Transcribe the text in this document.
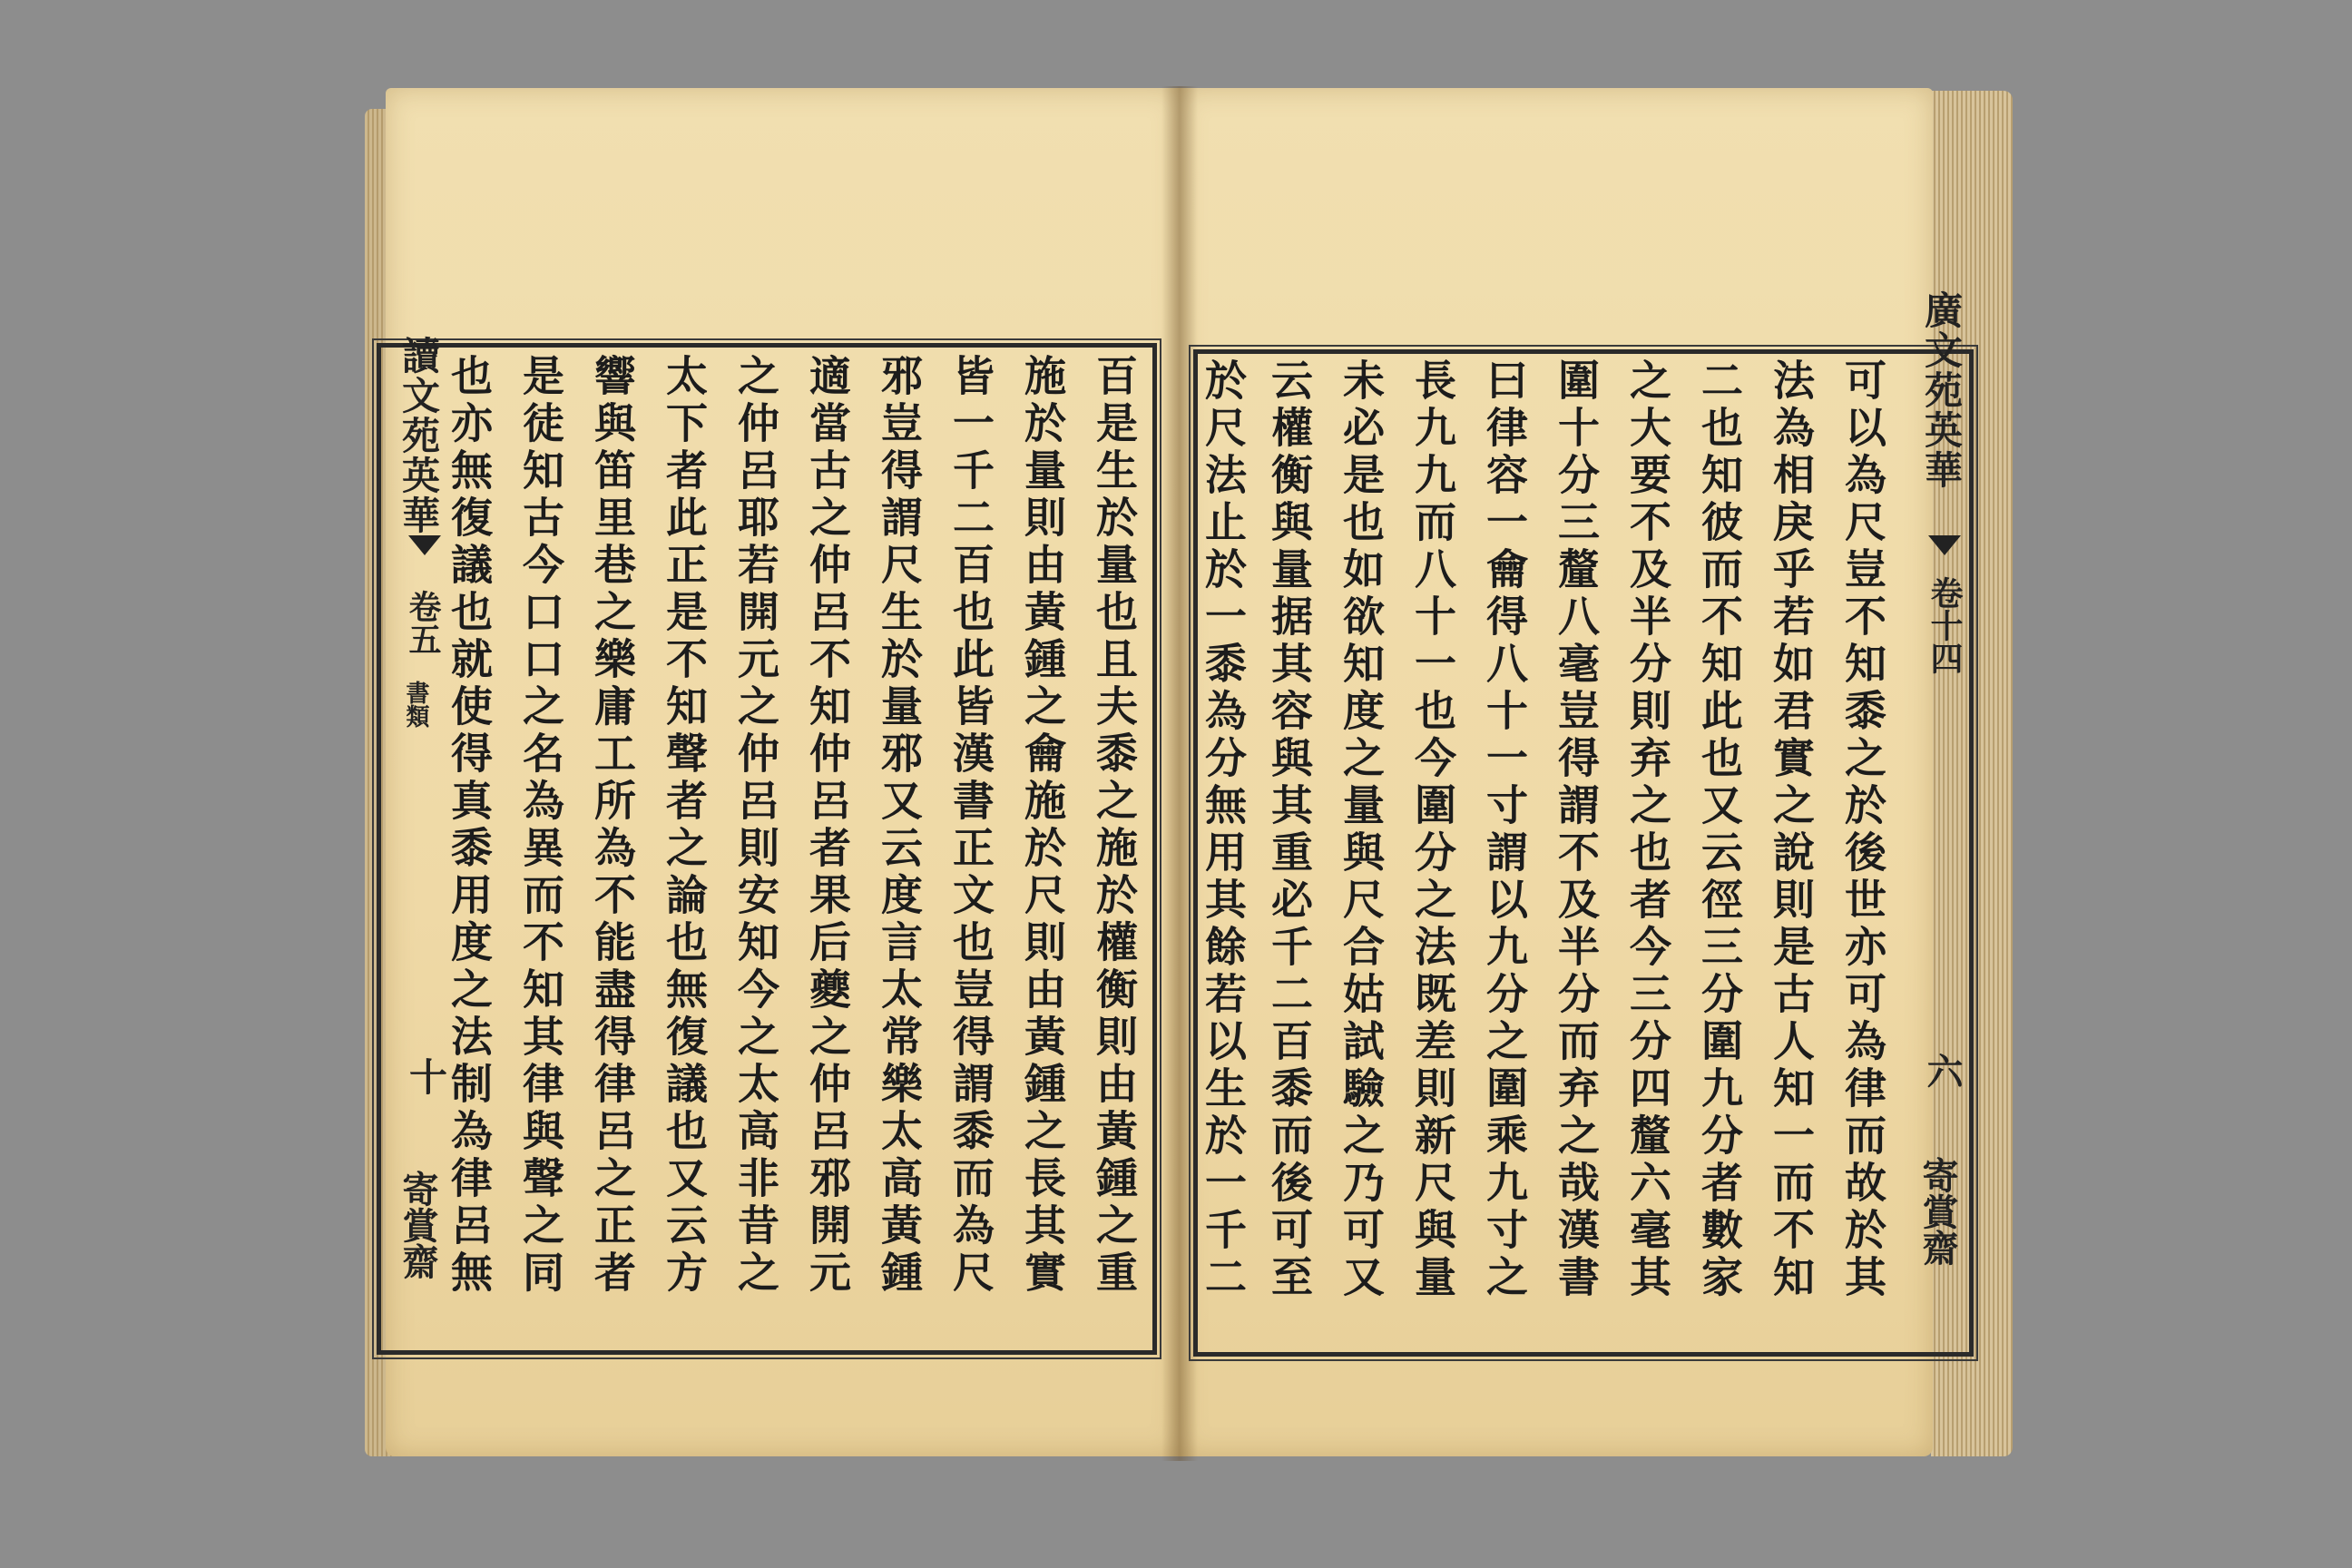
讀文苑英華
卷五
書類
十
寄賞齋	百是生於量也且夫黍之施於權衡則由黃鍾之重
施於量則由黃鍾之龠施於尺則由黃鍾之長其實
皆一千二百也此皆漢書正文也豈得謂黍而為尺
邪豈得謂尺生於量邪又云度言太常樂太高黃鍾
適當古之仲呂不知仲呂者果后夔之仲呂邪開元
之仲呂耶若開元之仲呂則安知今之太高非昔之
太下者此正是不知聲者之論也無復議也又云方
響與笛里巷之樂庸工所為不能盡得律呂之正者
是徒知古今口口之名為異而不知其律與聲之同
也亦無復議也就使得真黍用度之法制為律呂無	可以為尺豈不知黍之於後世亦可為律而故於其
法為相戾乎若如君實之說則是古人知一而不知
二也知彼而不知此也又云徑三分圍九分者數家
之大要不及半分則弃之也者今三分四釐六毫其
圍十分三釐八毫豈得謂不及半分而弃之哉漢書
曰律容一龠得八十一寸謂以九分之圍乘九寸之
長九九而八十一也今圍分之法既差則新尺與量
未必是也如欲知度之量與尺合姑試驗之乃可又
云權衡與量据其容與其重必千二百黍而後可至
於尺法止於一黍為分無用其餘若以生於一千二	廣文苑英華
卷十四
六
寄賞齋
